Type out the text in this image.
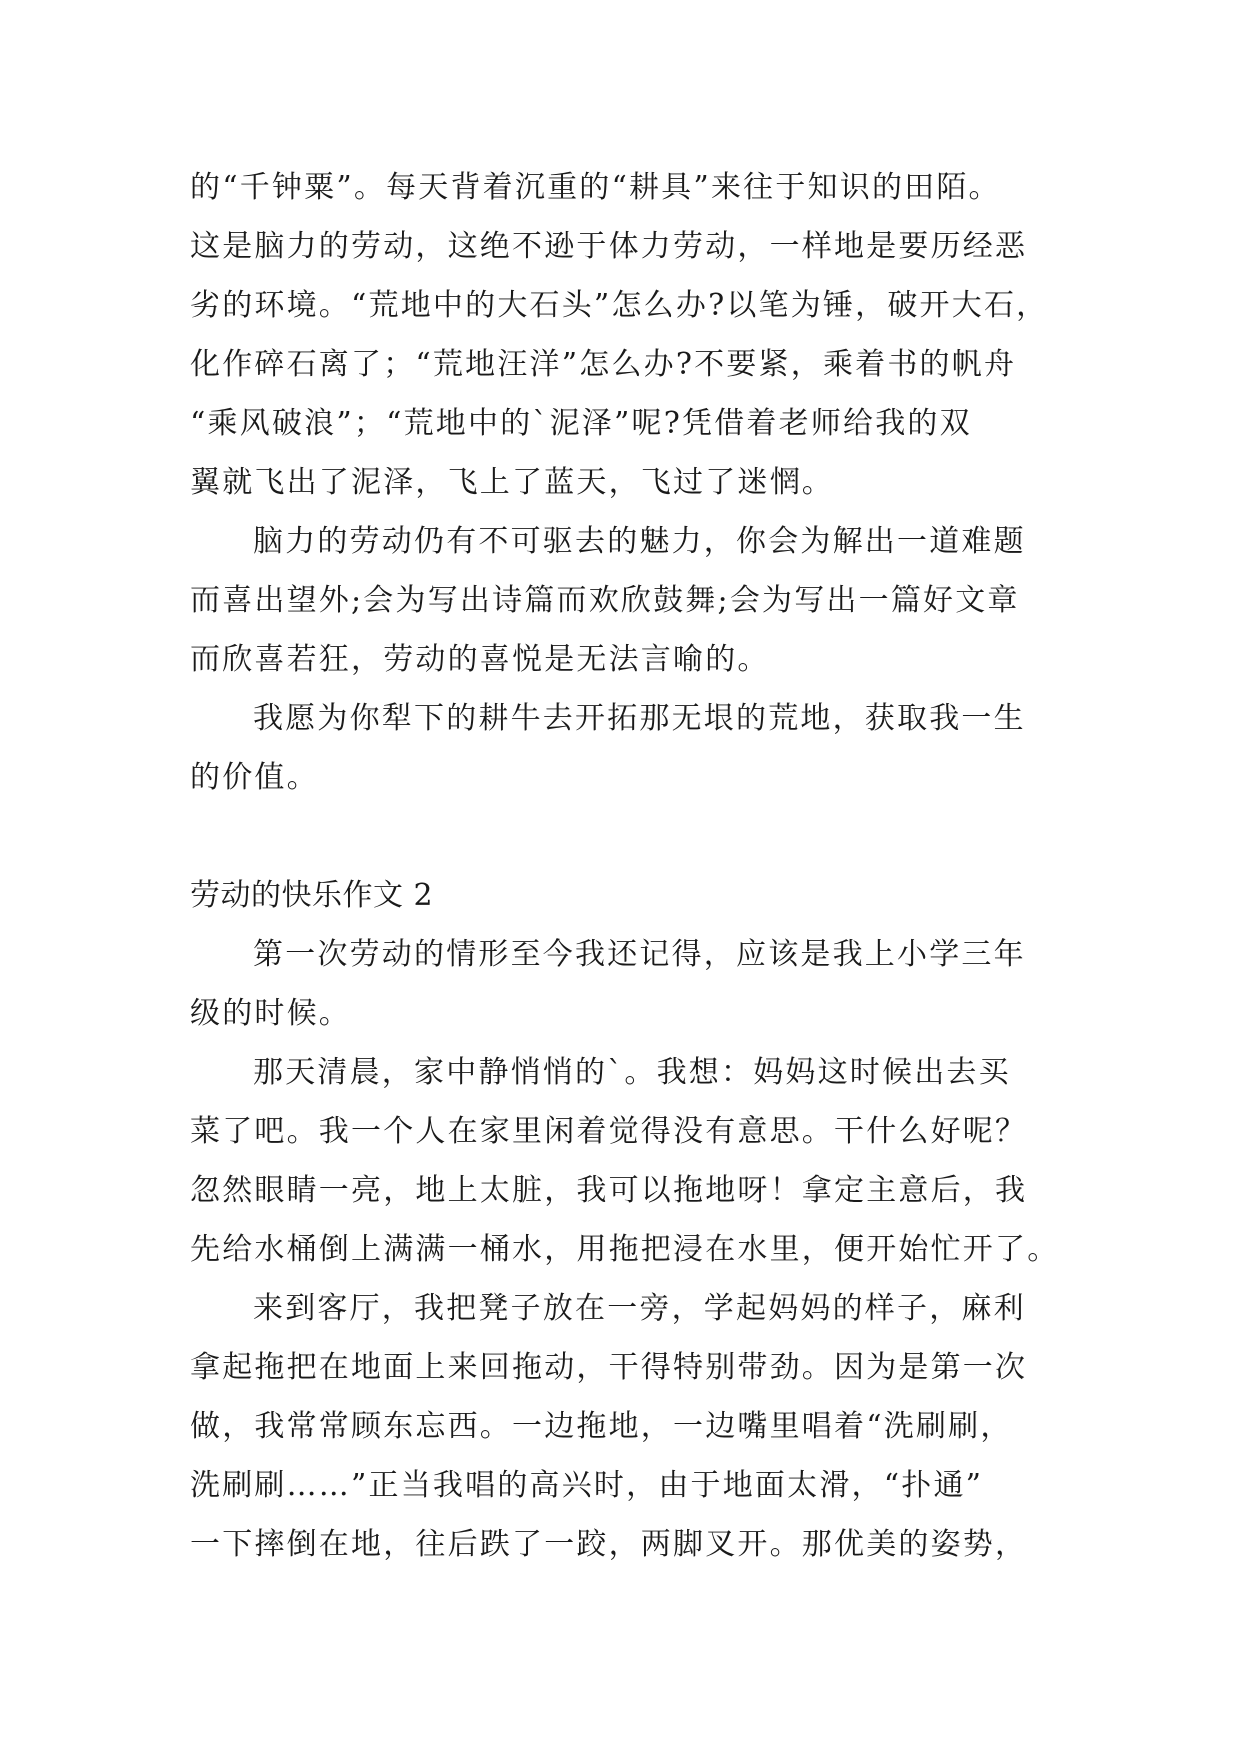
的“千钟粟”。每天背着沉重的“耕具”来往于知识的田陌。
这是脑力的劳动，这绝不逊于体力劳动，一样地是要历经恶
劣的环境。“荒地中的大石头”怎么办?以笔为锤，破开大石，
化作碎石离了；“荒地汪洋”怎么办?不要紧，乘着书的帆舟
“乘风破浪”；“荒地中的`泥泽”呢?凭借着老师给我的双
翼就飞出了泥泽，飞上了蓝天，飞过了迷惘。
脑力的劳动仍有不可驱去的魅力，你会为解出一道难题
而喜出望外;会为写出诗篇而欢欣鼓舞;会为写出一篇好文章
而欣喜若狂，劳动的喜悦是无法言喻的。
我愿为你犁下的耕牛去开拓那无垠的荒地，获取我一生
的价值。
劳动的快乐作文 2
第一次劳动的情形至今我还记得，应该是我上小学三年
级的时候。
那天清晨，家中静悄悄的`。我想：妈妈这时候出去买
菜了吧。我一个人在家里闲着觉得没有意思。干什么好呢？
忽然眼睛一亮，地上太脏，我可以拖地呀！拿定主意后，我
先给水桶倒上满满一桶水，用拖把浸在水里，便开始忙开了。
来到客厅，我把凳子放在一旁，学起妈妈的样子，麻利
拿起拖把在地面上来回拖动，干得特别带劲。因为是第一次
做，我常常顾东忘西。一边拖地，一边嘴里唱着“洗刷刷，
洗刷刷……”正当我唱的高兴时，由于地面太滑，“扑通”
一下摔倒在地，往后跌了一跤，两脚叉开。那优美的姿势，
